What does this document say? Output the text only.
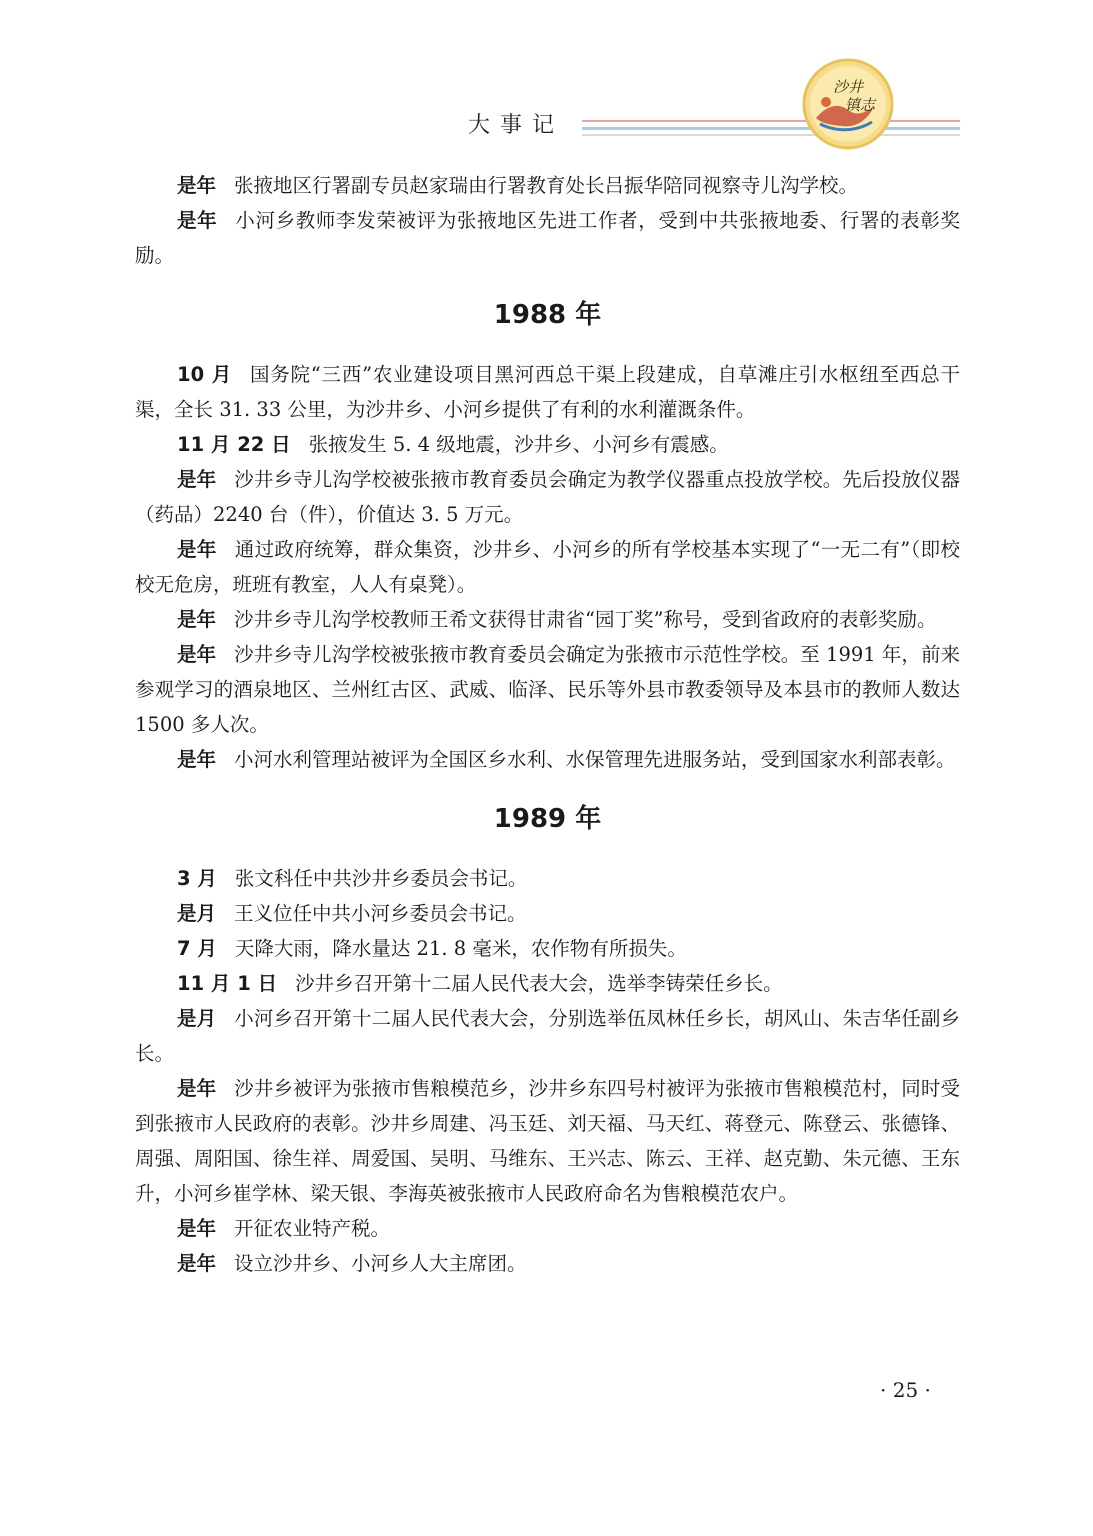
大事记
沙井
镇志

是年 张掖地区行署副专员赵家瑞由行署教育处长吕振华陪同视察寺儿沟学校。

是年 小河乡教师李发荣被评为张掖地区先进工作者，受到中共张掖地委、行署的表彰奖励。

1988 年

10 月 国务院“三西”农业建设项目黑河西总干渠上段建成，自草滩庄引水枢纽至西总干渠，全长 31. 33 公里，为沙井乡、小河乡提供了有利的水利灌溉条件。

11 月 22 日 张掖发生 5. 4 级地震，沙井乡、小河乡有震感。

是年 沙井乡寺儿沟学校被张掖市教育委员会确定为教学仪器重点投放学校。先后投放仪器（药品）2240 台（件），价值达 3. 5 万元。

是年 通过政府统筹，群众集资，沙井乡、小河乡的所有学校基本实现了“一无二有”（即校校无危房，班班有教室，人人有桌凳）。

是年 沙井乡寺儿沟学校教师王希文获得甘肃省“园丁奖”称号，受到省政府的表彰奖励。

是年 沙井乡寺儿沟学校被张掖市教育委员会确定为张掖市示范性学校。至 1991 年，前来参观学习的酒泉地区、兰州红古区、武威、临泽、民乐等外县市教委领导及本县市的教师人数达 1500 多人次。

是年 小河水利管理站被评为全国区乡水利、水保管理先进服务站，受到国家水利部表彰。

1989 年

3 月 张文科任中共沙井乡委员会书记。

是月 王义位任中共小河乡委员会书记。

7 月 天降大雨，降水量达 21. 8 毫米，农作物有所损失。

11 月 1 日 沙井乡召开第十二届人民代表大会，选举李铸荣任乡长。

是月 小河乡召开第十二届人民代表大会，分别选举伍凤林任乡长，胡风山、朱吉华任副乡长。

是年 沙井乡被评为张掖市售粮模范乡，沙井乡东四号村被评为张掖市售粮模范村，同时受到张掖市人民政府的表彰。沙井乡周建、冯玉廷、刘天福、马天红、蒋登元、陈登云、张德锋、周强、周阳国、徐生祥、周爱国、吴明、马维东、王兴志、陈云、王祥、赵克勤、朱元德、王东升，小河乡崔学林、梁天银、李海英被张掖市人民政府命名为售粮模范农户。

是年 开征农业特产税。

是年 设立沙井乡、小河乡人大主席团。

· 25 ·
